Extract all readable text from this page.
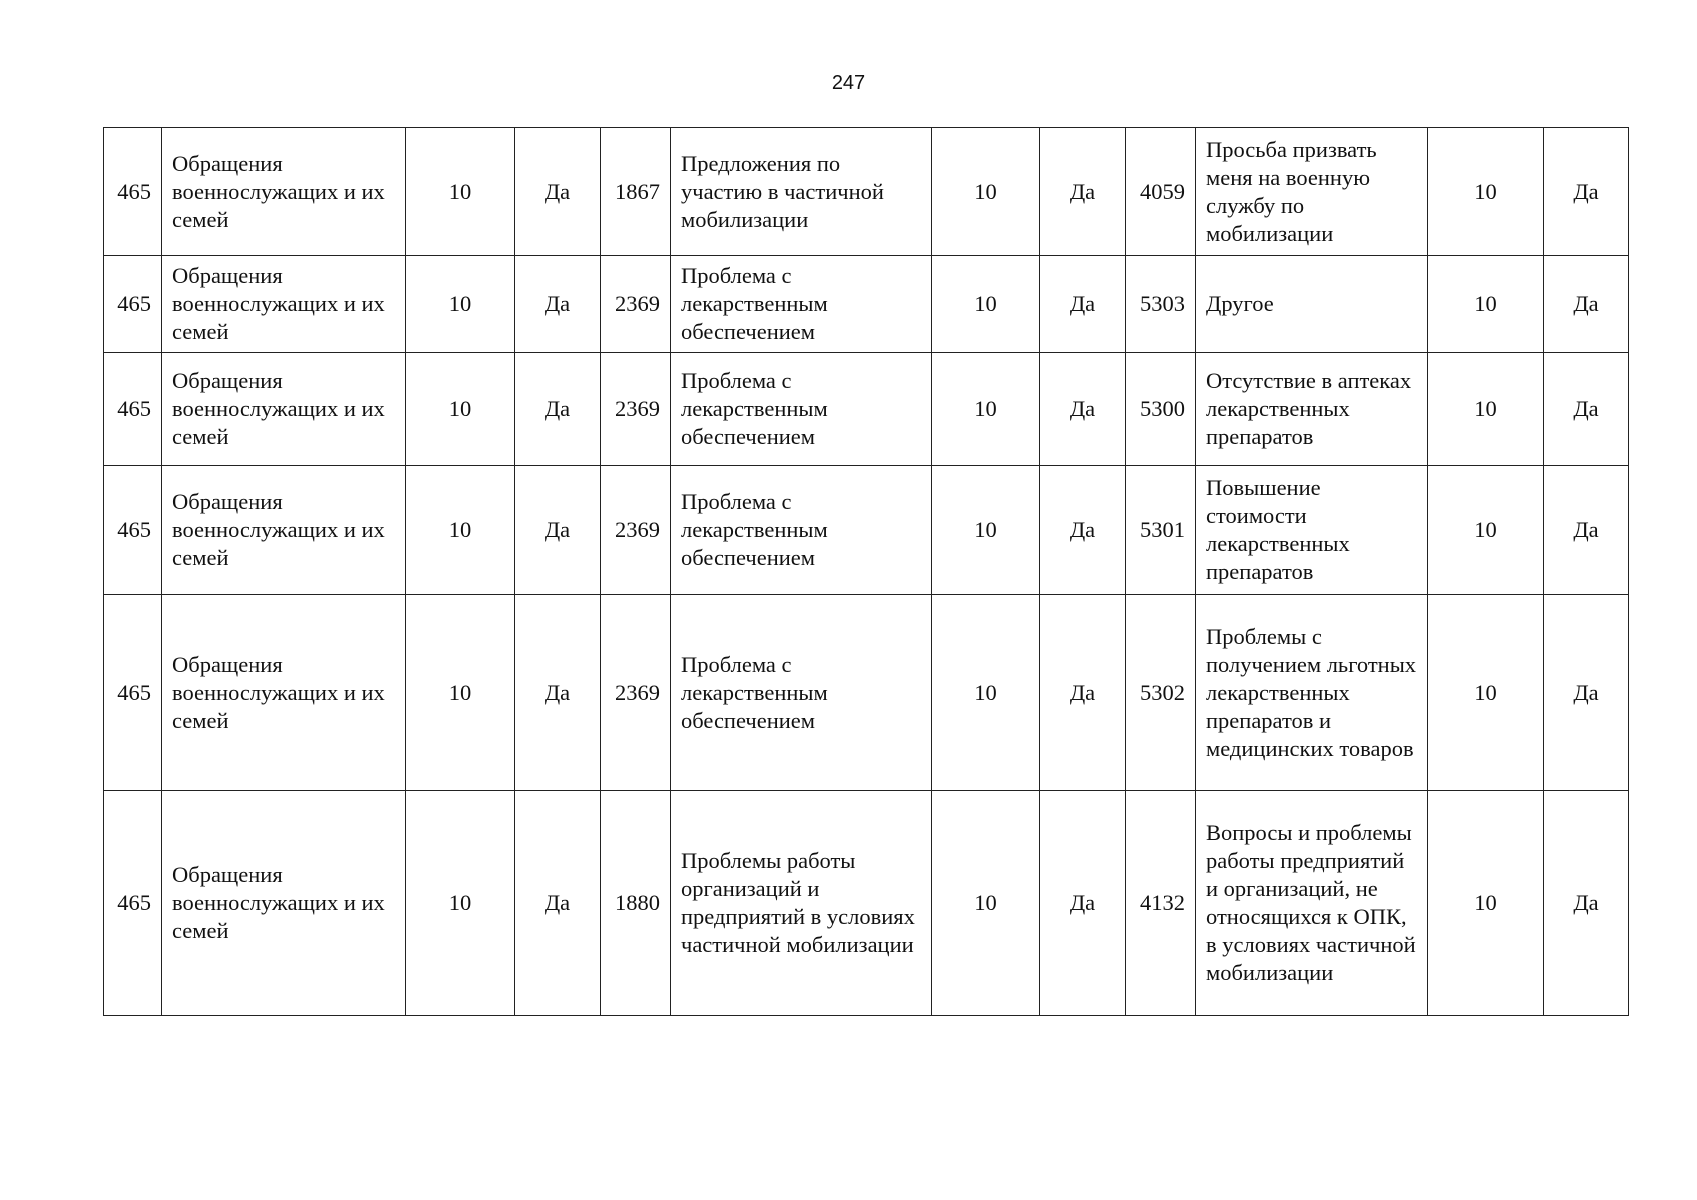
247
465	Обращения военнослужащих и их семей	10	Да	1867	Предложения по участию в частичной мобилизации	10	Да	4059	Просьба призвать меня на военную службу по мобилизации	10	Да
465	Обращения военнослужащих и их семей	10	Да	2369	Проблема с лекарственным обеспечением	10	Да	5303	Другое	10	Да
465	Обращения военнослужащих и их семей	10	Да	2369	Проблема с лекарственным обеспечением	10	Да	5300	Отсутствие в аптеках лекарственных препаратов	10	Да
465	Обращения военнослужащих и их семей	10	Да	2369	Проблема с лекарственным обеспечением	10	Да	5301	Повышение стоимости лекарственных препаратов	10	Да
465	Обращения военнослужащих и их семей	10	Да	2369	Проблема с лекарственным обеспечением	10	Да	5302	Проблемы с получением льготных лекарственных препаратов и медицинских товаров	10	Да
465	Обращения военнослужащих и их семей	10	Да	1880	Проблемы работы организаций и предприятий в условиях частичной мобилизации	10	Да	4132	Вопросы и проблемы работы предприятий и организаций, не относящихся к ОПК, в условиях частичной мобилизации	10	Да
